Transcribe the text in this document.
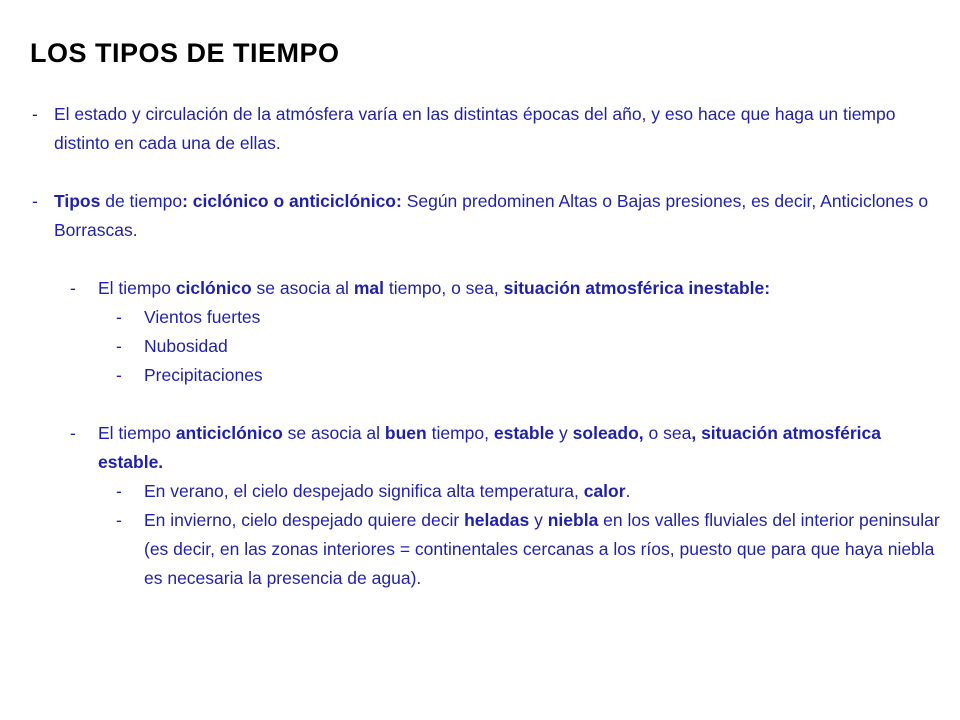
LOS TIPOS DE TIEMPO
- El estado y circulación de la atmósfera varía en las distintas épocas del año, y eso hace que haga un tiempo distinto en cada una de ellas.
- Tipos de tiempo: ciclónico o anticiclónico: Según predominen Altas o Bajas presiones, es decir, Anticiclones o Borrascas.
- El tiempo ciclónico se asocia al mal tiempo, o sea, situación atmosférica inestable:
- Vientos fuertes
- Nubosidad
- Precipitaciones
- El tiempo anticiclónico se asocia al buen tiempo, estable y soleado, o sea, situación atmosférica estable.
- En verano, el cielo despejado significa alta temperatura, calor.
- En invierno, cielo despejado quiere decir heladas y niebla en los valles fluviales del interior peninsular (es decir, en las zonas interiores = continentales cercanas a los ríos, puesto que para que haya niebla es necesaria la presencia de agua).
